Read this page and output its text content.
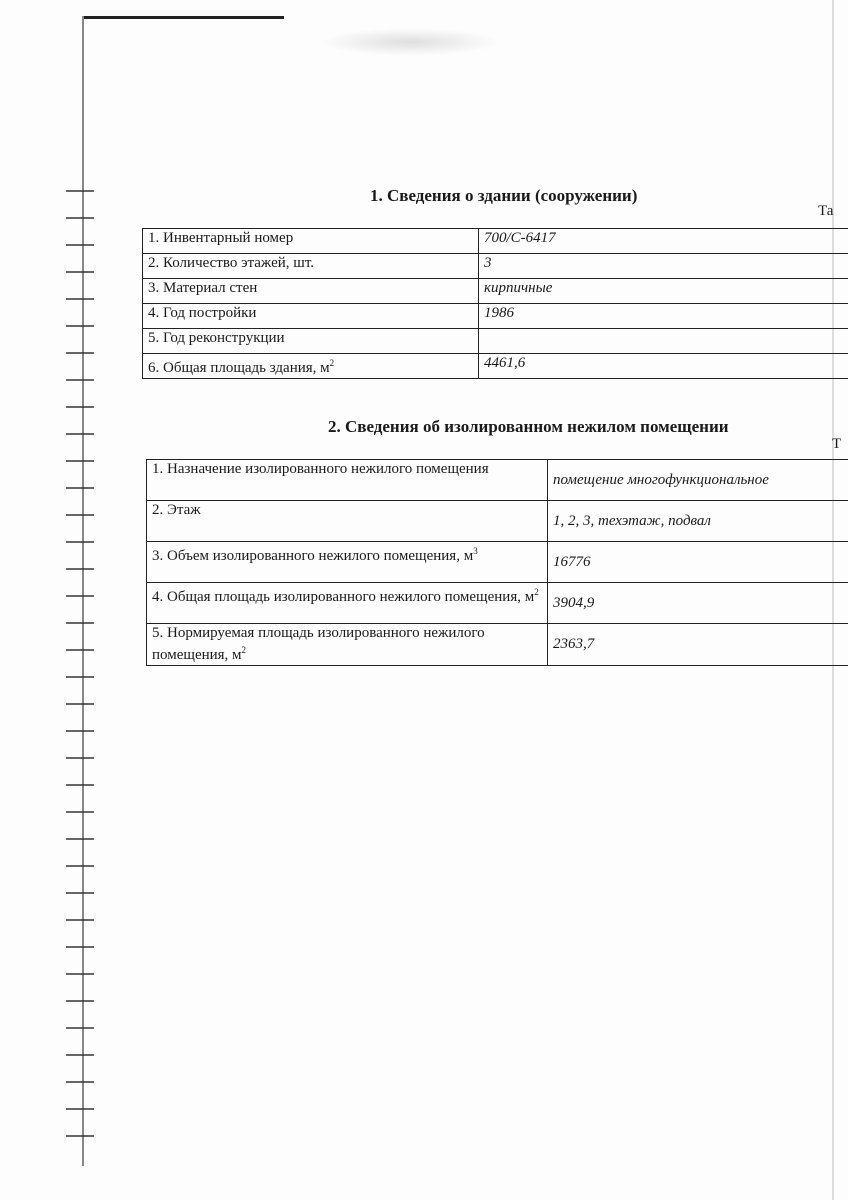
1. Сведения о здании (сооружении)
Та
1. Инвентарный номер	700/С-6417
2. Количество этажей, шт.	3
3. Материал стен	кирпичные
4. Год постройки	1986
5. Год реконструкции	
6. Общая площадь здания, $м^2$	4461,6
2. Сведения об изолированном нежилом помещении
Т
1. Назначение изолированного нежилого помещения	помещение многофункциональное
2. Этаж	1, 2, 3, техэтаж, подвал
3. Объем изолированного нежилого помещения, $м^3$	16776
4. Общая площадь изолированного нежилого помещения, $м^2$	3904,9
5. Нормируемая площадь изолированного нежилого помещения, $м^2$	2363,7
